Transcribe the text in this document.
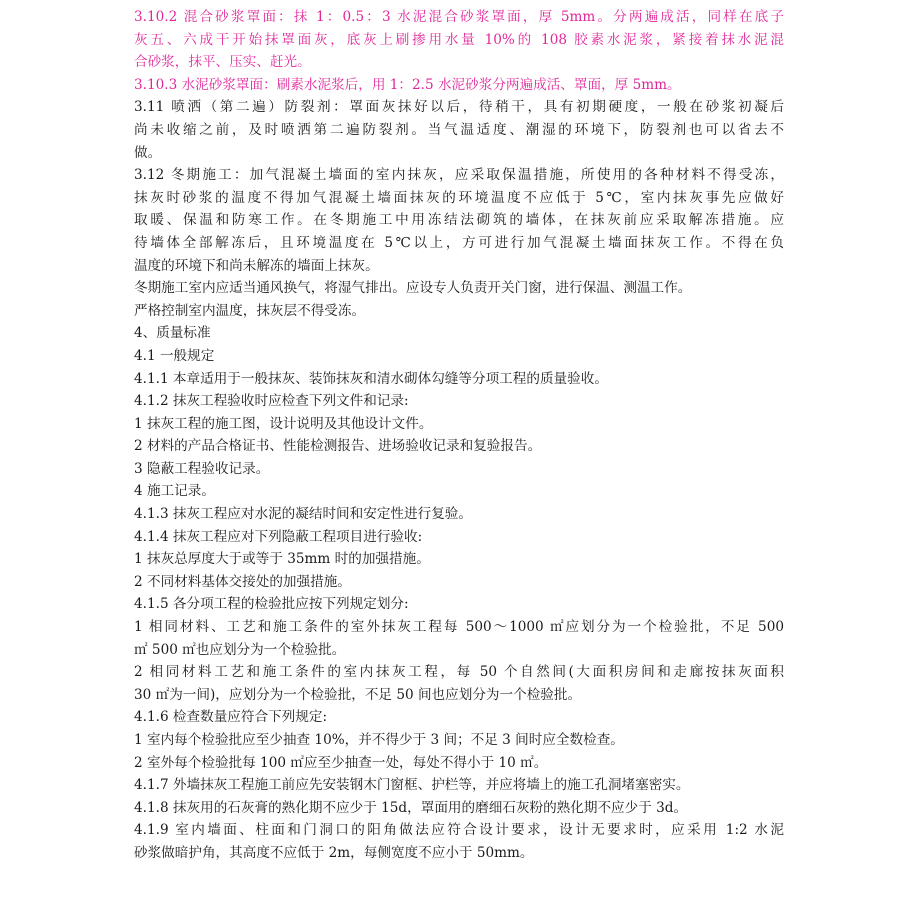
3.10.2 混合砂浆罩面：抹 1：0.5：3 水泥混合砂浆罩面，厚 5mm。分两遍成活，同样在底子
灰五、六成干开始抹罩面灰，底灰上刷掺用水量 10%的 108 胶素水泥浆，紧接着抹水泥混
合砂浆，抹平、压实、赶光。
3.10.3 水泥砂浆罩面：刷素水泥浆后，用 1：2.5 水泥砂浆分两遍成活、罩面，厚 5mm。
3.11 喷洒（第二遍）防裂剂：罩面灰抹好以后，待稍干，具有初期硬度，一般在砂浆初凝后
尚未收缩之前，及时喷洒第二遍防裂剂。当气温适度、潮湿的环境下，防裂剂也可以省去不
做。
3.12 冬期施工：加气混凝土墙面的室内抹灰，应采取保温措施，所使用的各种材料不得受冻，
抹灰时砂浆的温度不得加气混凝土墙面抹灰的环境温度不应低于 5℃，室内抹灰事先应做好
取暖、保温和防寒工作。在冬期施工中用冻结法砌筑的墙体，在抹灰前应采取解冻措施。应
待墙体全部解冻后，且环境温度在 5℃以上，方可进行加气混凝土墙面抹灰工作。不得在负
温度的环境下和尚未解冻的墙面上抹灰。
冬期施工室内应适当通风换气，将湿气排出。应设专人负责开关门窗，进行保温、测温工作。
严格控制室内温度，抹灰层不得受冻。
4、质量标准
4.1 一般规定
4.1.1 本章适用于一般抹灰、装饰抹灰和清水砌体勾缝等分项工程的质量验收。
4.1.2 抹灰工程验收时应检查下列文件和记录:
1 抹灰工程的施工图，设计说明及其他设计文件。
2 材料的产品合格证书、性能检测报告、进场验收记录和复验报告。
3 隐蔽工程验收记录。
4 施工记录。
4.1.3 抹灰工程应对水泥的凝结时间和安定性进行复验。
4.1.4 抹灰工程应对下列隐蔽工程项目进行验收:
1 抹灰总厚度大于或等于 35mm 时的加强措施。
2 不同材料基体交接处的加强措施。
4.1.5 各分项工程的检验批应按下列规定划分:
1 相同材料、工艺和施工条件的室外抹灰工程每 500～1000 ㎡应划分为一个检验批，不足 500
㎡ 500 ㎡也应划分为一个检验批。
2 相同材料工艺和施工条件的室内抹灰工程，每 50 个自然间(大面积房间和走廊按抹灰面积
30 ㎡为一间)，应划分为一个检验批，不足 50 间也应划分为一个检验批。
4.1.6 检查数量应符合下列规定:
1 室内每个检验批应至少抽查 10%，并不得少于 3 间；不足 3 间时应全数检查。
2 室外每个检验批每 100 ㎡应至少抽查一处，每处不得小于 10 ㎡。
4.1.7 外墙抹灰工程施工前应先安装钢木门窗框、护栏等，并应将墙上的施工孔洞堵塞密实。
4.1.8 抹灰用的石灰膏的熟化期不应少于 15d，罩面用的磨细石灰粉的熟化期不应少于 3d。
4.1.9 室内墙面、柱面和门洞口的阳角做法应符合设计要求，设计无要求时，应采用 1:2 水泥
砂浆做暗护角，其高度不应低于 2m，每侧宽度不应小于 50mm。
